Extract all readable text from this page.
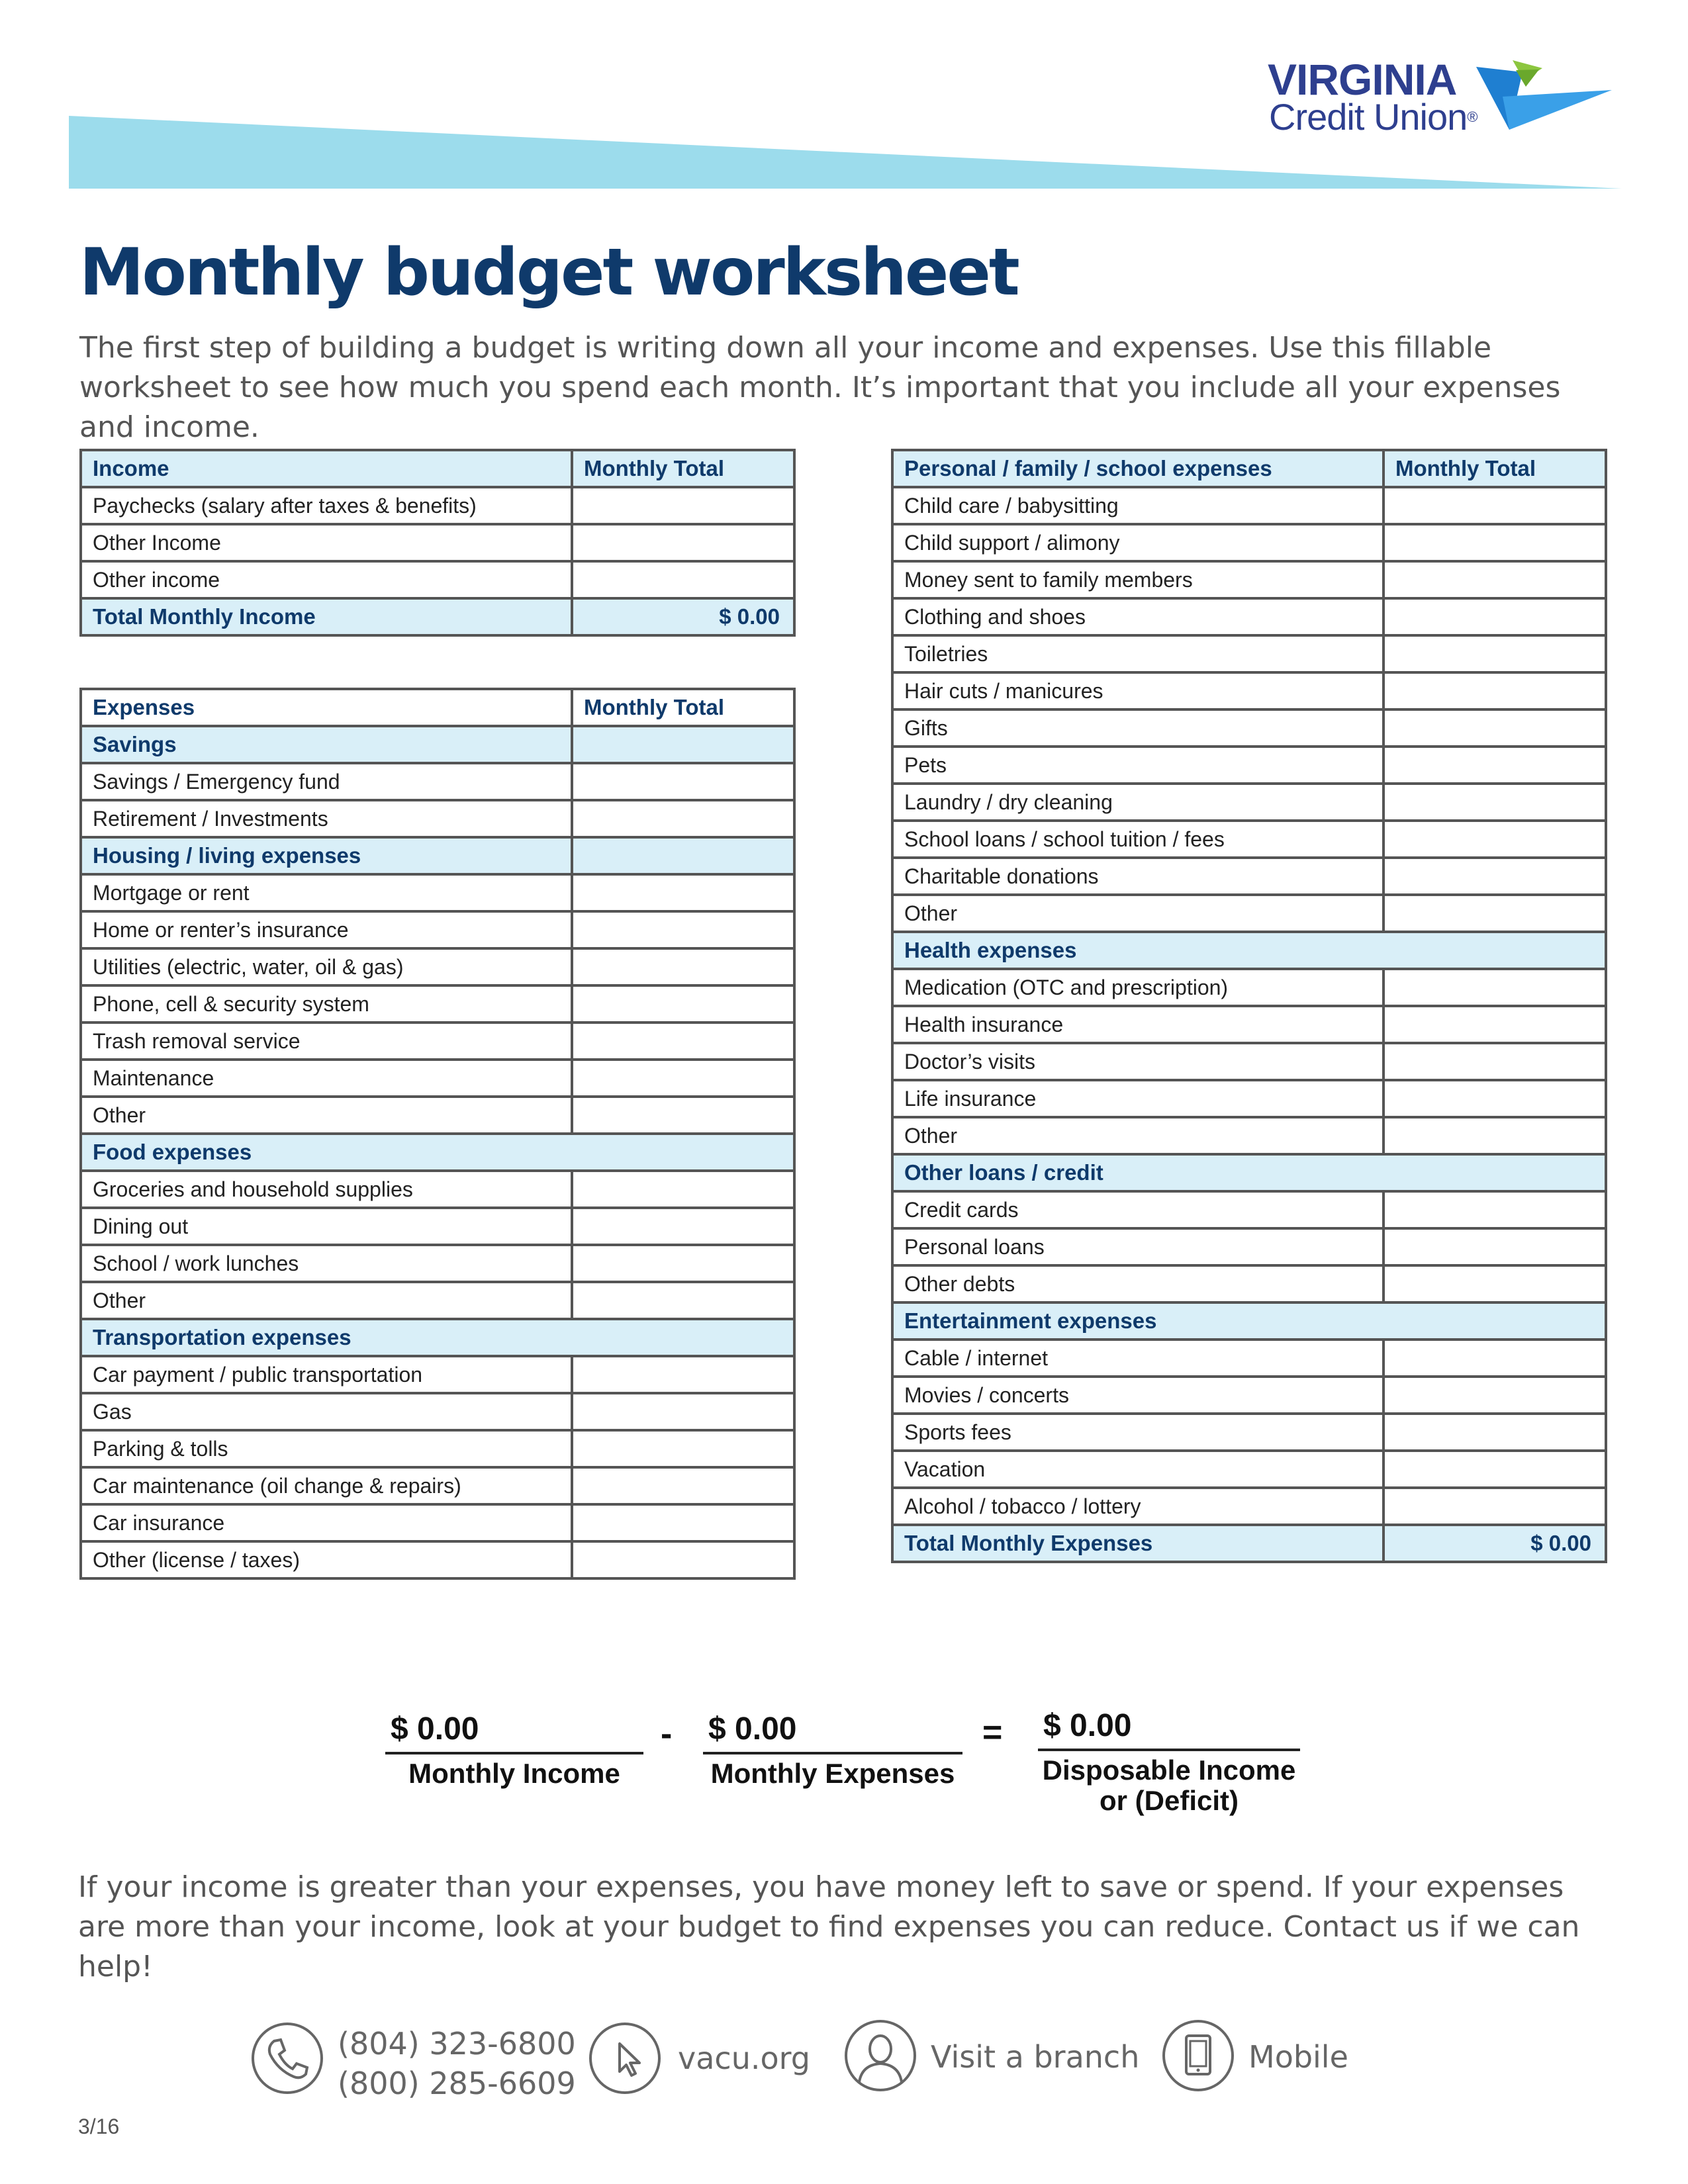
VIRGINIA
Credit Union®
Monthly budget worksheet
The first step of building a budget is writing down all your income and expenses. Use this fillable worksheet to see how much you spend each month. It’s important that you include all your expenses and income.
Income	Monthly Total
Paychecks (salary after taxes & benefits)	
Other Income	
Other income	
Total Monthly Income	$ 0.00
Expenses	Monthly Total
Savings	
Savings / Emergency fund	
Retirement / Investments	
Housing / living expenses	
Mortgage or rent	
Home or renter’s insurance	
Utilities (electric, water, oil & gas)	
Phone, cell & security system	
Trash removal service	
Maintenance	
Other	
Food expenses	
Groceries and household supplies	
Dining out	
School / work lunches	
Other	
Transportation expenses	
Car payment / public transportation	
Gas	
Parking & tolls	
Car maintenance (oil change & repairs)	
Car insurance	
Other (license / taxes)	
Personal / family / school expenses	Monthly Total
Child care / babysitting	
Child support / alimony	
Money sent to family members	
Clothing and shoes	
Toiletries	
Hair cuts / manicures	
Gifts	
Pets	
Laundry / dry cleaning	
School loans / school tuition / fees	
Charitable donations	
Other	
Health expenses	
Medication (OTC and prescription)	
Health insurance	
Doctor’s visits	
Life insurance	
Other	
Other loans / credit	
Credit cards	
Personal loans	
Other debts	
Entertainment expenses	
Cable / internet	
Movies / concerts	
Sports fees	
Vacation	
Alcohol / tobacco / lottery	
Total Monthly Expenses	$ 0.00
$ 0.00
Monthly Income
- $ 0.00
Monthly Expenses
= $ 0.00
Disposable Income
or (Deficit)
If your income is greater than your expenses, you have money left to save or spend. If your expenses are more than your income, look at your budget to find expenses you can reduce. Contact us if we can help!
(804) 323-6800
(800) 285-6609
vacu.org	Visit a branch	Mobile
3/16
